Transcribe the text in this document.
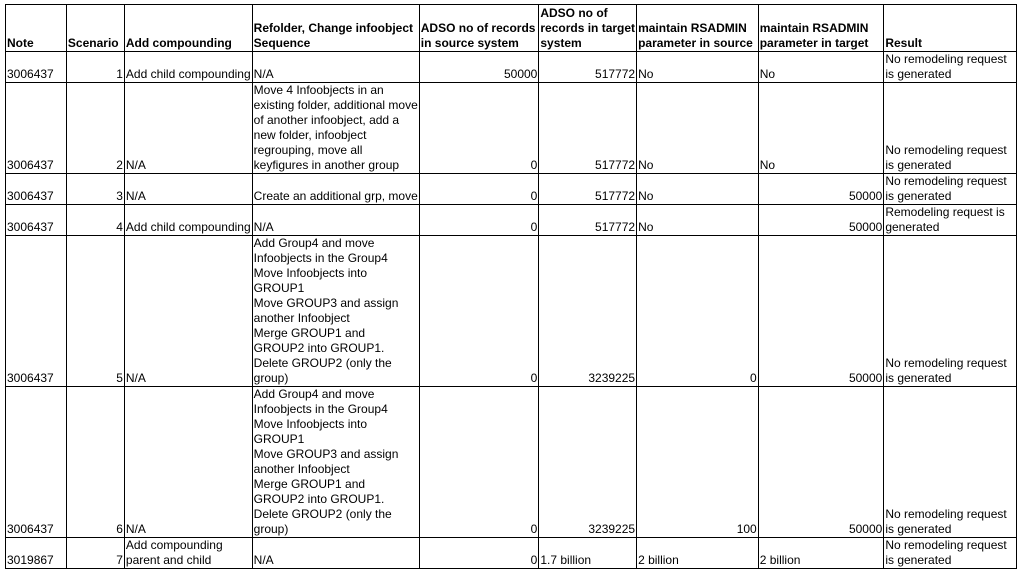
Note	Scenario	Add compounding	Refolder, Change infoobject Sequence	ADSO no of records in source system	ADSO no of records in target system	maintain RSADMIN parameter in source	maintain RSADMIN parameter in target	Result
3006437	1	Add child compounding	N/A	50000	517772	No	No	No remodeling request is generated
3006437	2	N/A	Move 4 Infoobjects in an existing folder, additional move of another infoobject, add a new folder, infoobject regrouping, move all keyfigures in another group	0	517772	No	No	No remodeling request is generated
3006437	3	N/A	Create an additional grp, move	0	517772	No	50000	No remodeling request is generated
3006437	4	Add child compounding	N/A	0	517772	No	50000	Remodeling request is generated
3006437	5	N/A	Add Group4 and move Infoobjects in the Group4
Move Infoobjects into GROUP1
Move GROUP3 and assign another Infoobject
Merge GROUP1 and GROUP2 into GROUP1.
Delete GROUP2 (only the group)	0	3239225	0	50000	No remodeling request is generated
3006437	6	N/A	Add Group4 and move Infoobjects in the Group4
Move Infoobjects into GROUP1
Move GROUP3 and assign another Infoobject
Merge GROUP1 and GROUP2 into GROUP1.
Delete GROUP2 (only the group)	0	3239225	100	50000	No remodeling request is generated
3019867	7	Add compounding parent and child	N/A	0	1.7 billion	2 billion	2 billion	No remodeling request is generated
